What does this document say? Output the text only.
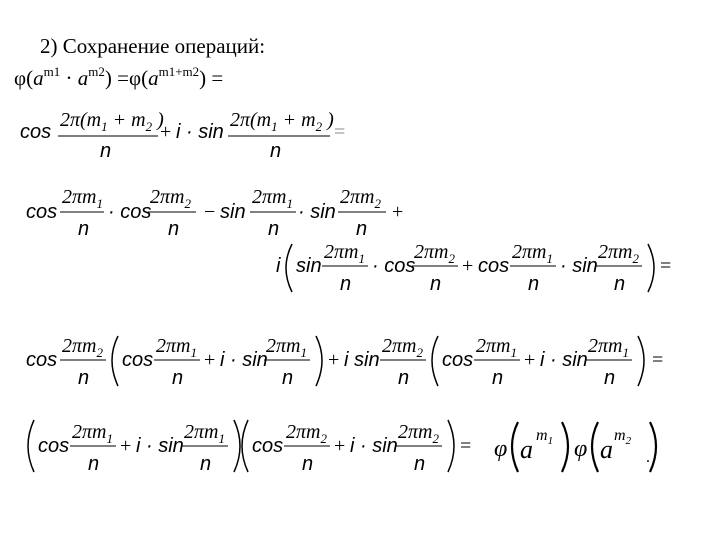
2) Сохранение операций:
$\varphi(a^{m1} \cdot a^{m2}) =\varphi(a^{m1+m2})$ =
cos
$2\pi(m_1 + m_2$ )
n
+ i · sin
$2\pi(m_1 + m_2$ )
n
=
cos
$2\pi m_1$
n
· cos
$2\pi m_2$
n
− sin
$2\pi m_1$
n
· sin
$2\pi m_2$
n
+
i sin
$2\pi m_1$
n
· cos
$2\pi m_2$
n
+ cos
$2\pi m_1$
n
· sin
$2\pi m_2$
n
=
cos
$2\pi m_2$
n
cos
$2\pi m_1$
n
+ i · sin
$2\pi m_1$
n
+ i sin
$2\pi m_2$
n
cos
$2\pi m_1$
n
+ i · sin
$2\pi m_1$
n
=
cos
$2\pi m_1$
n
+ i · sin
$2\pi m_1$
n
cos
$2\pi m_2$
n
+ i · sin
$2\pi m_2$
n
= φ a $m_1$ φ a $m_2$
.
